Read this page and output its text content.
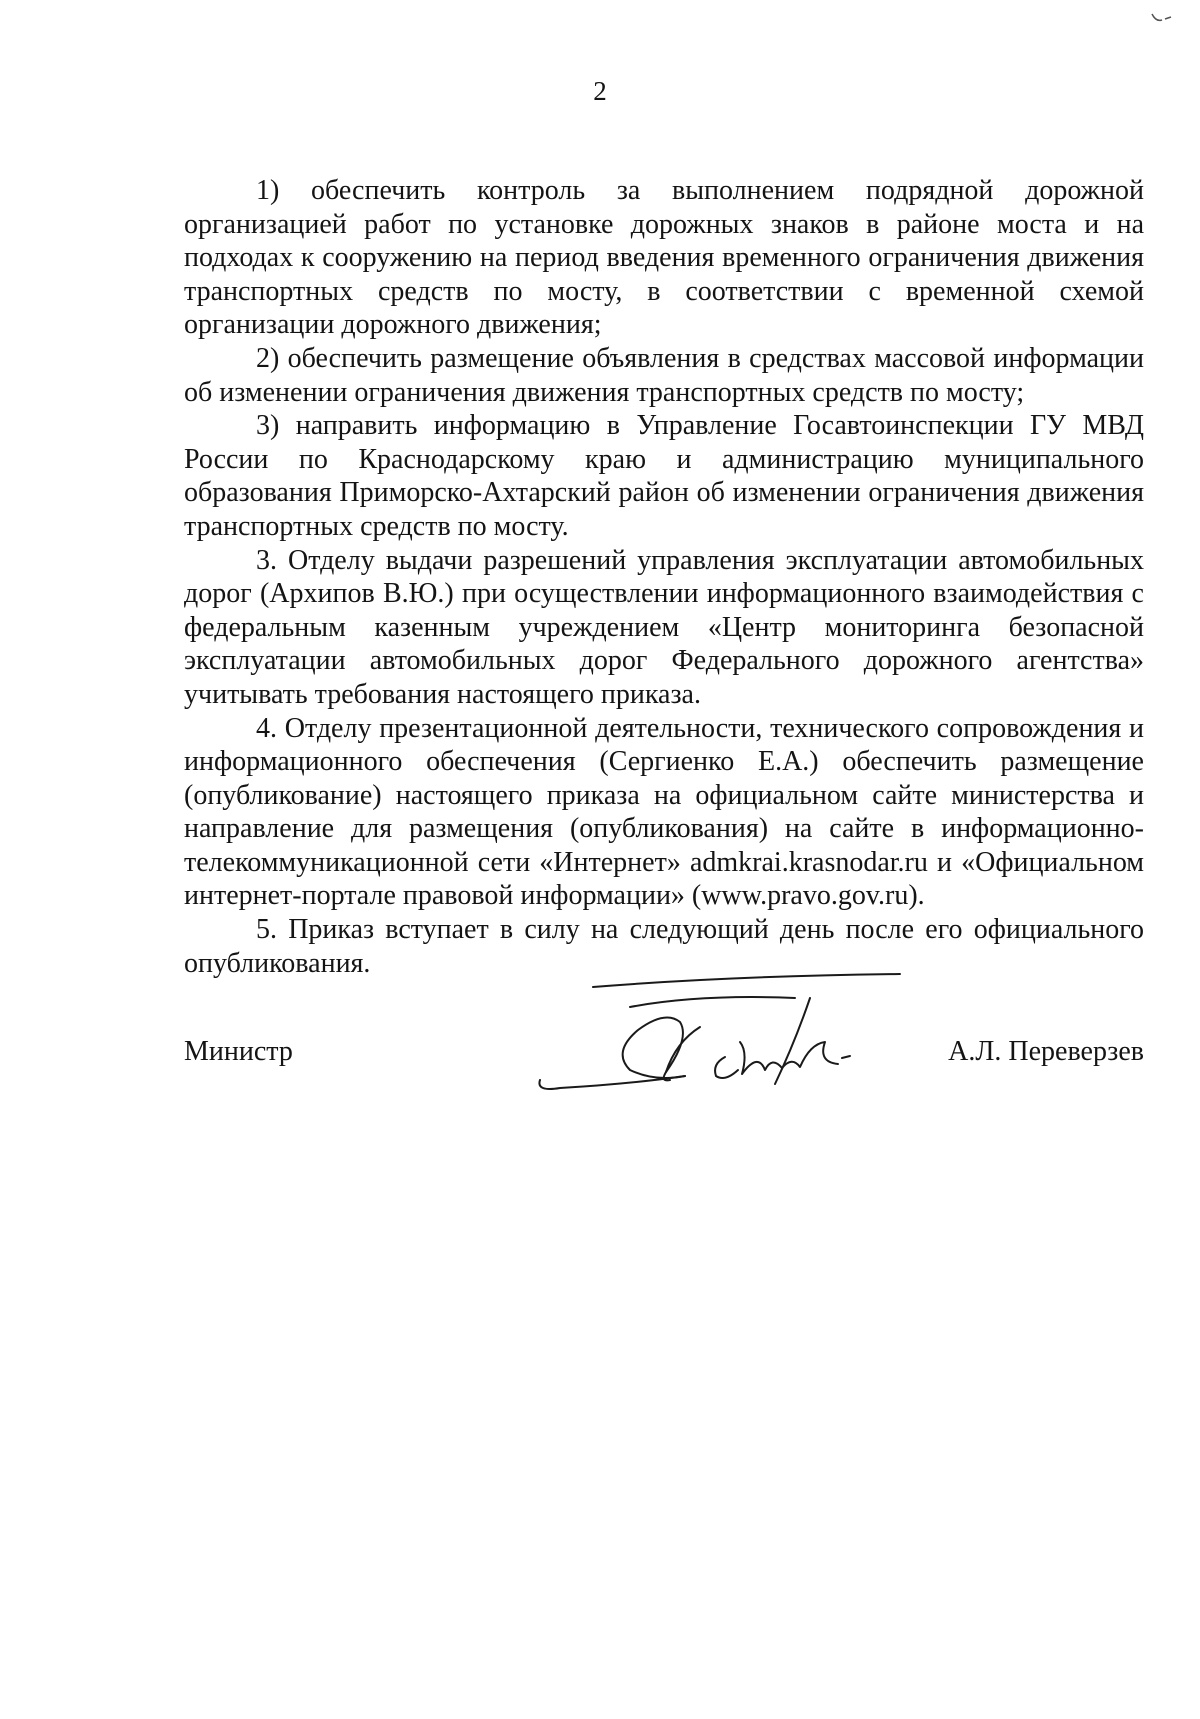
2

1) обеспечить контроль за выполнением подрядной дорожной организацией работ по установке дорожных знаков в районе моста и на подходах к сооружению на период введения временного ограничения движения транспортных средств по мосту, в соответствии с временной схемой организации дорожного движения;

2) обеспечить размещение объявления в средствах массовой информации об изменении ограничения движения транспортных средств по мосту;

3) направить информацию в Управление Госавтоинспекции ГУ МВД России по Краснодарскому краю и администрацию муниципального образования Приморско-Ахтарский район об изменении ограничения движения транспортных средств по мосту.

3. Отделу выдачи разрешений управления эксплуатации автомобильных дорог (Архипов В.Ю.) при осуществлении информационного взаимодействия с федеральным казенным учреждением «Центр мониторинга безопасной эксплуатации автомобильных дорог Федерального дорожного агентства» учитывать требования настоящего приказа.

4. Отделу презентационной деятельности, технического сопровождения и информационного обеспечения (Сергиенко Е.А.) обеспечить размещение (опубликование) настоящего приказа на официальном сайте министерства и направление для размещения (опубликования) на сайте в информационно-телекоммуникационной сети «Интернет» admkrai.krasnodar.ru и «Официальном интернет-портале правовой информации» (www.pravo.gov.ru).

5. Приказ вступает в силу на следующий день после его официального опубликования.

Министр	А.Л. Переверзев
